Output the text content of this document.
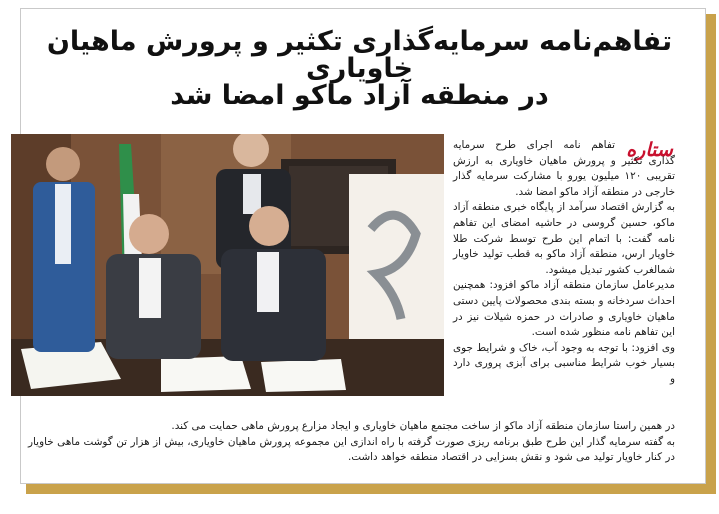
تفاهم‌نامه سرمایه‌گذاری تکثیر و پرورش ماهیان خاویاری
در منطقه آزاد ماکو امضا شد
ستاره

تفاهم نامه اجرای طرح سرمایه گذاری تکثیر و پرورش ماهیان خاویاری به ارزش تقریبی ۱۲۰ میلیون یورو با مشارکت سرمایه گذار خارجی در منطقه آزاد ماکو امضا شد.

به گزارش اقتصاد سرآمد از پایگاه خبری منطقه آزاد ماکو، حسین گروسی در حاشیه امضای این تفاهم نامه گفت: با اتمام این طرح توسط شرکت طلا خاویار ارس، منطقه آزاد ماکو به قطب تولید خاویار شمالغرب کشور تبدیل میشود.

مدیرعامل سازمان منطقه آزاد ماکو افزود: همچنین احداث سردخانه و بسته بندی محصولات پایین دستی ماهیان خاویاری و صادرات در حمزه شیلات نیز در این تفاهم نامه منظور شده است.

وی افزود: با توجه به وجود آب، خاک و شرایط جوی بسیار خوب شرایط مناسبی برای آبزی پروری دارد و

در همین راستا سازمان منطقه آزاد ماکو از ساخت مجتمع ماهیان خاویاری و ایجاد مزارع پرورش ماهی حمایت می کند.

به گفته سرمایه گذار این طرح طبق برنامه ریزی صورت گرفته با راه اندازی این مجموعه پرورش ماهیان خاویاری، بیش از هزار تن گوشت ماهی خاویار در کنار خاویار تولید می شود و نقش بسزایی در اقتصاد منطقه خواهد داشت.
